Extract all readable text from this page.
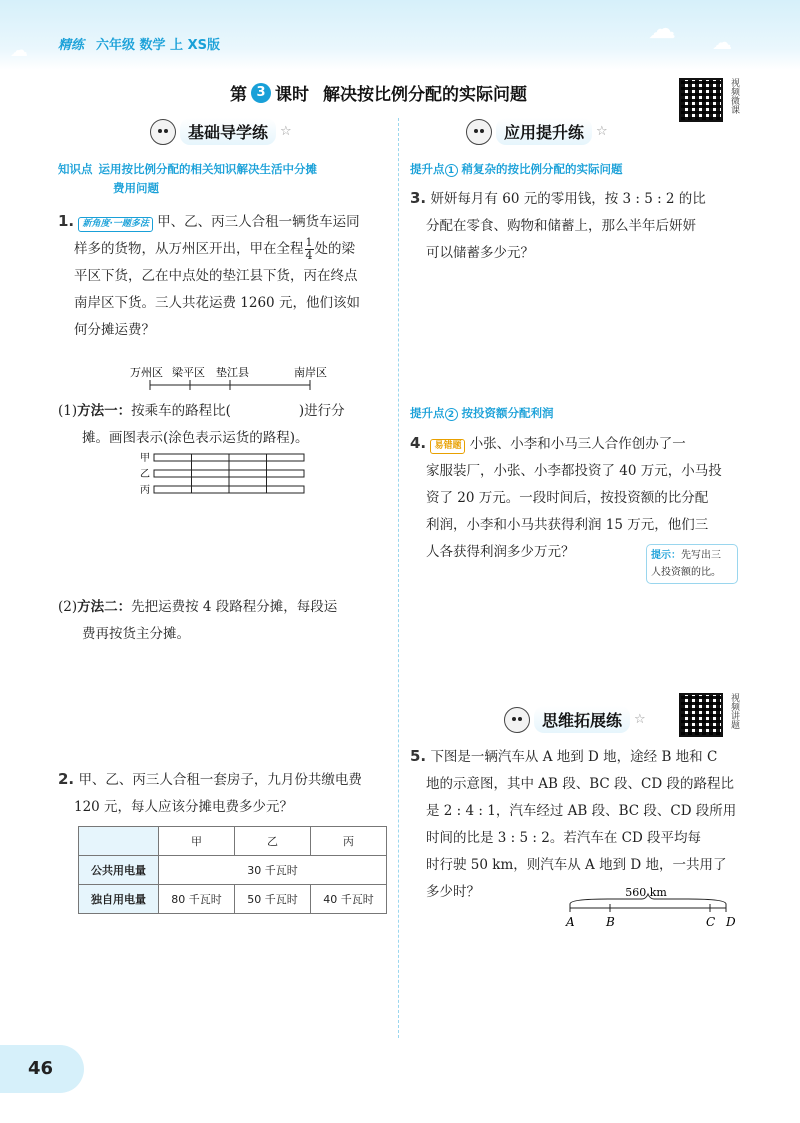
☁ ☁
☁ 精练 六年级 数学 上 XS版
第 3 课时 解决按比例分配的实际问题	视频微课
视频讲题
基础导学练 ☆	应用提升练 ☆
思维拓展练 ☆
知识点 运用按比例分配的相关知识解决生活中分摊
费用问题
提升点 1 稍复杂的按比例分配的实际问题
提升点 2 按投资额分配利润
1. 新角度·一题多法 甲、乙、丙三人合租一辆货车运同
样多的货物，从万州区开出，甲在全程 $\frac{1}{4}$ 处的梁
平区下货，乙在中点处的垫江县下货，丙在终点
南岸区下货。三人共花运费 1260 元，他们该如
何分摊运费？
万州区 梁平区 垫江县	南岸区
(1)方法一：按乘车的路程比(	)进行分
摊。画图表示(涂色表示运货的路程)。
甲
乙
丙
(2)方法二：先把运费按 4 段路程分摊，每段运
费再按货主分摊。
2. 甲、乙、丙三人合租一套房子，九月份共缴电费
120 元，每人应该分摊电费多少元？
	甲	乙	丙
公共用电量	30 千瓦时		
独自用电量	80 千瓦时	50 千瓦时	40 千瓦时
3. 妍妍每月有 60 元的零用钱，按 3 : 5 : 2 的比
分配在零食、购物和储蓄上，那么半年后妍妍
可以储蓄多少元？
4. 易错题 小张、小李和小马三人合作创办了一
家服装厂，小张、小李都投资了 40 万元，小马投
资了 20 万元。一段时间后，按投资额的比分配
利润，小李和小马共获得利润 15 万元，他们三
人各获得利润多少万元？	提示：先写出三
人投资额的比。
5. 下图是一辆汽车从 A 地到 D 地，途经 B 地和 C
地的示意图，其中 AB 段、BC 段、CD 段的路程比
是 2 : 4 : 1，汽车经过 AB 段、BC 段、CD 段所用
时间的比是 3 : 5 : 2。若汽车在 CD 段平均每
时行驶 50 km，则汽车从 A 地到 D 地，一共用了
多少时？	560 km
A	B	C D
46
